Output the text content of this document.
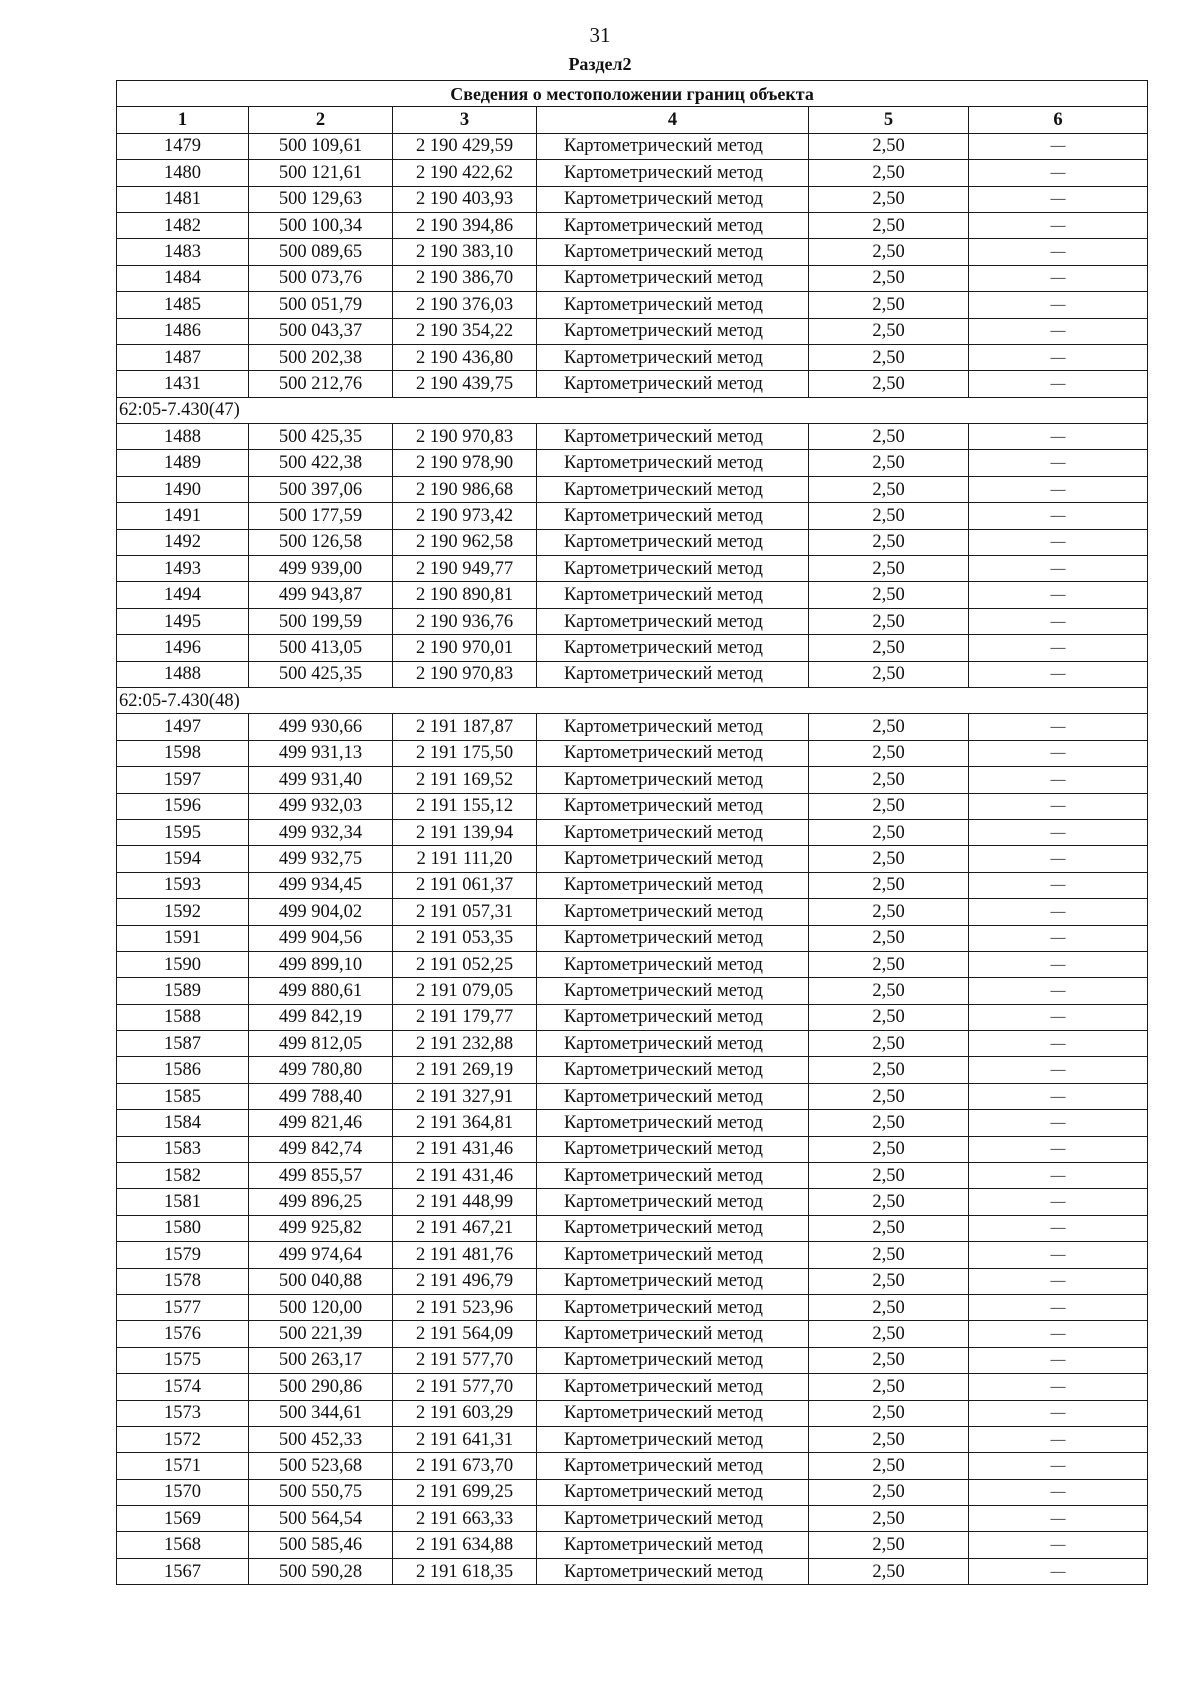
31
Раздел2
Сведения о местоположении границ объекта					
1	2	3	4	5	6
1479	500 109,61	2 190 429,59	Картометрический метод	2,50	—
1480	500 121,61	2 190 422,62	Картометрический метод	2,50	—
1481	500 129,63	2 190 403,93	Картометрический метод	2,50	—
1482	500 100,34	2 190 394,86	Картометрический метод	2,50	—
1483	500 089,65	2 190 383,10	Картометрический метод	2,50	—
1484	500 073,76	2 190 386,70	Картометрический метод	2,50	—
1485	500 051,79	2 190 376,03	Картометрический метод	2,50	—
1486	500 043,37	2 190 354,22	Картометрический метод	2,50	—
1487	500 202,38	2 190 436,80	Картометрический метод	2,50	—
1431	500 212,76	2 190 439,75	Картометрический метод	2,50	—
62:05-7.430(47)					
1488	500 425,35	2 190 970,83	Картометрический метод	2,50	—
1489	500 422,38	2 190 978,90	Картометрический метод	2,50	—
1490	500 397,06	2 190 986,68	Картометрический метод	2,50	—
1491	500 177,59	2 190 973,42	Картометрический метод	2,50	—
1492	500 126,58	2 190 962,58	Картометрический метод	2,50	—
1493	499 939,00	2 190 949,77	Картометрический метод	2,50	—
1494	499 943,87	2 190 890,81	Картометрический метод	2,50	—
1495	500 199,59	2 190 936,76	Картометрический метод	2,50	—
1496	500 413,05	2 190 970,01	Картометрический метод	2,50	—
1488	500 425,35	2 190 970,83	Картометрический метод	2,50	—
62:05-7.430(48)					
1497	499 930,66	2 191 187,87	Картометрический метод	2,50	—
1598	499 931,13	2 191 175,50	Картометрический метод	2,50	—
1597	499 931,40	2 191 169,52	Картометрический метод	2,50	—
1596	499 932,03	2 191 155,12	Картометрический метод	2,50	—
1595	499 932,34	2 191 139,94	Картометрический метод	2,50	—
1594	499 932,75	2 191 111,20	Картометрический метод	2,50	—
1593	499 934,45	2 191 061,37	Картометрический метод	2,50	—
1592	499 904,02	2 191 057,31	Картометрический метод	2,50	—
1591	499 904,56	2 191 053,35	Картометрический метод	2,50	—
1590	499 899,10	2 191 052,25	Картометрический метод	2,50	—
1589	499 880,61	2 191 079,05	Картометрический метод	2,50	—
1588	499 842,19	2 191 179,77	Картометрический метод	2,50	—
1587	499 812,05	2 191 232,88	Картометрический метод	2,50	—
1586	499 780,80	2 191 269,19	Картометрический метод	2,50	—
1585	499 788,40	2 191 327,91	Картометрический метод	2,50	—
1584	499 821,46	2 191 364,81	Картометрический метод	2,50	—
1583	499 842,74	2 191 431,46	Картометрический метод	2,50	—
1582	499 855,57	2 191 431,46	Картометрический метод	2,50	—
1581	499 896,25	2 191 448,99	Картометрический метод	2,50	—
1580	499 925,82	2 191 467,21	Картометрический метод	2,50	—
1579	499 974,64	2 191 481,76	Картометрический метод	2,50	—
1578	500 040,88	2 191 496,79	Картометрический метод	2,50	—
1577	500 120,00	2 191 523,96	Картометрический метод	2,50	—
1576	500 221,39	2 191 564,09	Картометрический метод	2,50	—
1575	500 263,17	2 191 577,70	Картометрический метод	2,50	—
1574	500 290,86	2 191 577,70	Картометрический метод	2,50	—
1573	500 344,61	2 191 603,29	Картометрический метод	2,50	—
1572	500 452,33	2 191 641,31	Картометрический метод	2,50	—
1571	500 523,68	2 191 673,70	Картометрический метод	2,50	—
1570	500 550,75	2 191 699,25	Картометрический метод	2,50	—
1569	500 564,54	2 191 663,33	Картометрический метод	2,50	—
1568	500 585,46	2 191 634,88	Картометрический метод	2,50	—
1567	500 590,28	2 191 618,35	Картометрический метод	2,50	—
